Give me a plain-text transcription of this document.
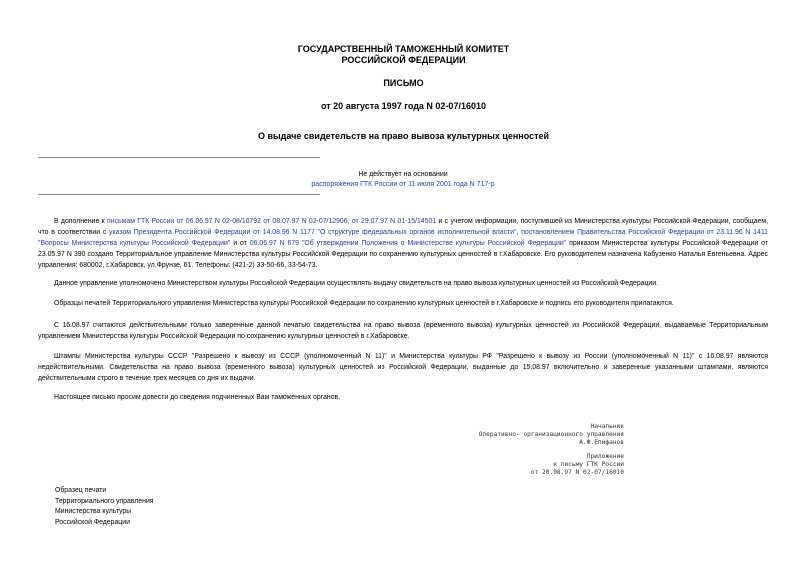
ГОСУДАРСТВЕННЫЙ ТАМОЖЕННЫЙ КОМИТЕТ
РОССИЙСКОЙ ФЕДЕРАЦИИ
ПИСЬМО
от 20 августа 1997 года N 02-07/16010
О выдаче свидетельств на право вывоза культурных ценностей
Не действует на основании
распоряжения ГТК России от 11 июля 2001 года N 717-р
В дополнение к письмам ГТК России от 06.06.97 N 02-08/10792 от 08.07.97 N 02-07/12906, от 29.07.97 N 01-15/14501 и с учетом информации, поступившей из Министерства культуры Российской Федерации, сообщаем, что в соответствии с указом Президента Российской Федерации от 14.08.96 N 1177 "О структуре федеральных органов исполнительной власти", постановлением Правительства Российской Федерации от 23.11.96 N 1411 "Вопросы Министерства культуры Российской Федерации" и от 06.06.97 N 679 "Об утверждении Положения о Министерстве культуры Российской Федерации" приказом Министерства культуры Российской Федерации от 23.05.97 N 390 создано Территориальное управление Министерства культуры Российской Федерации по сохранению культурных ценностей в г.Хабаровске. Его руководителем назначена Кабузенко Наталья Евгеньевна. Адрес управления: 680002, г.Хабаровск, ул.Фрунзе, 61. Телефоны: (421-2) 33-50-66, 33-54-73.
Данное управление уполномочено Министерством культуры Российской Федерации осуществлять выдачу свидетельств на право вывоза культурных ценностей из Российской Федерации.
Образцы печатей Территориального управления Министерства культуры Российской Федерации по сохранению культурных ценностей в г.Хабаровске и подпись его руководителя прилагаются.
С 16.08.97 считаются действительными только заверенные данной печатью свидетельства на право вывоза (временного вывоза) культурных ценностей из Российской Федерации, выдаваемые Территориальным управлением Министерства культуры Российской Федерации по сохранению культурных ценностей в г.Хабаровске.
Штампы Министерства культуры СССР "Разрешено к вывозу из СССР (уполномоченный N 11)" и Министерства культуры РФ "Разрешено к вывозу из России (уполномоченный N 11)" с 16.08.97 являются недействительными. Свидетельства на право вывоза (временного вывоза) культурных ценностей из Российской Федерации, выданные до 15.08.97 включительно и заверенные указанными штампами, являются действительными строго в течение трех месяцев со дня их выдачи.
Настоящее письмо просим довести до сведения подчиненных Вам таможенных органов.
Начальник
Оперативно- организационного управления
А.Ф.Епифанов
Приложение
к письму ГТК России
от 20.08.97 N 02-07/16010
Образец печати
Территориального управления
Министерства культуры
Российской Федерации
